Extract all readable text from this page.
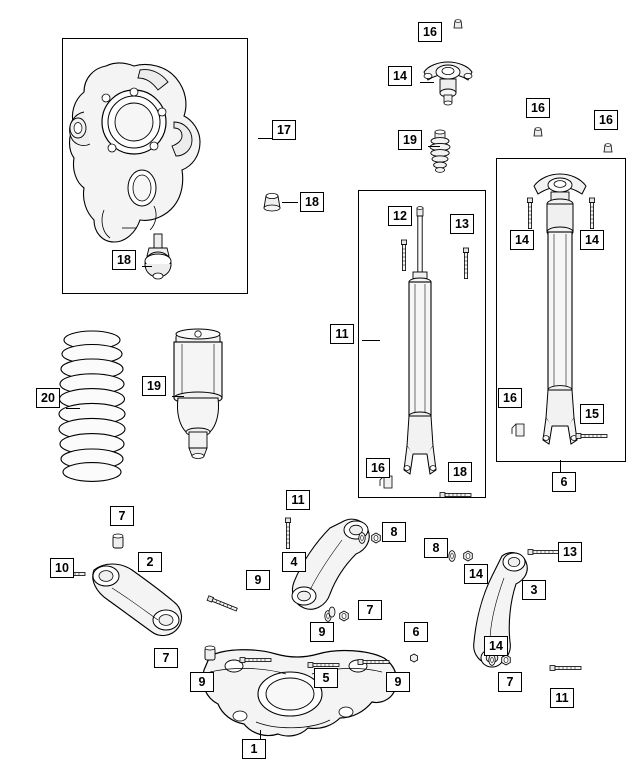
16
14
16
16
19
17
18
12
13
14	14
18
11
20
19
16
15
16	18
6
11
7
8
8	13
10	2	4
14
9
3
7
9	6
14
7
9	5	9	7
11
1
